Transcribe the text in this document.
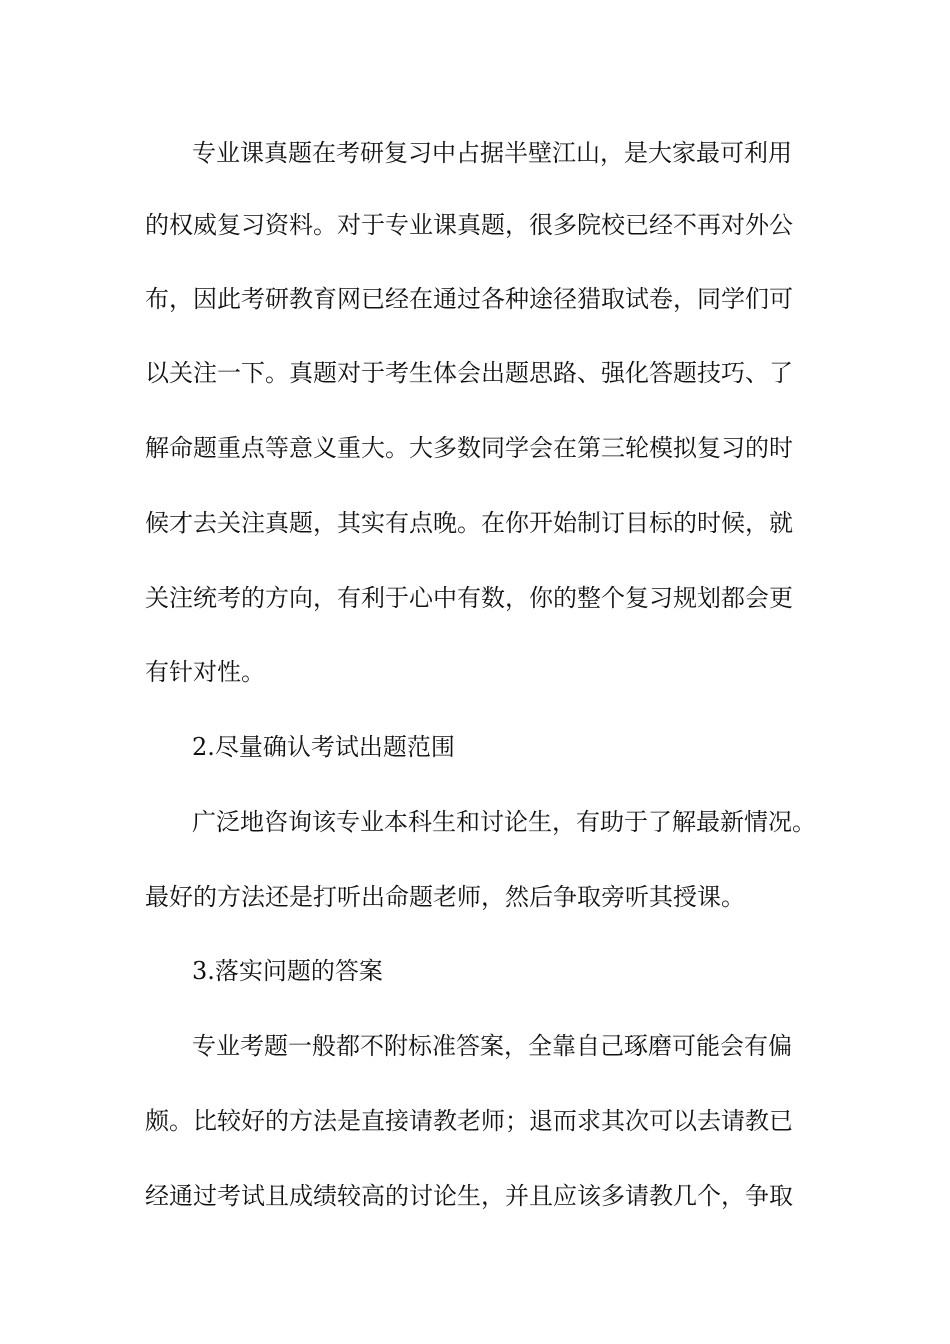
专业课真题在考研复习中占据半壁江山，是大家最可利用
的权威复习资料。对于专业课真题，很多院校已经不再对外公
布，因此考研教育网已经在通过各种途径猎取试卷，同学们可
以关注一下。真题对于考生体会出题思路、强化答题技巧、了
解命题重点等意义重大。大多数同学会在第三轮模拟复习的时
候才去关注真题，其实有点晚。在你开始制订目标的时候，就
关注统考的方向，有利于心中有数，你的整个复习规划都会更
有针对性。
2.尽量确认考试出题范围
广泛地咨询该专业本科生和讨论生，有助于了解最新情况。
最好的方法还是打听出命题老师，然后争取旁听其授课。
3.落实问题的答案
专业考题一般都不附标准答案，全靠自己琢磨可能会有偏
颇。比较好的方法是直接请教老师；退而求其次可以去请教已
经通过考试且成绩较高的讨论生，并且应该多请教几个，争取
